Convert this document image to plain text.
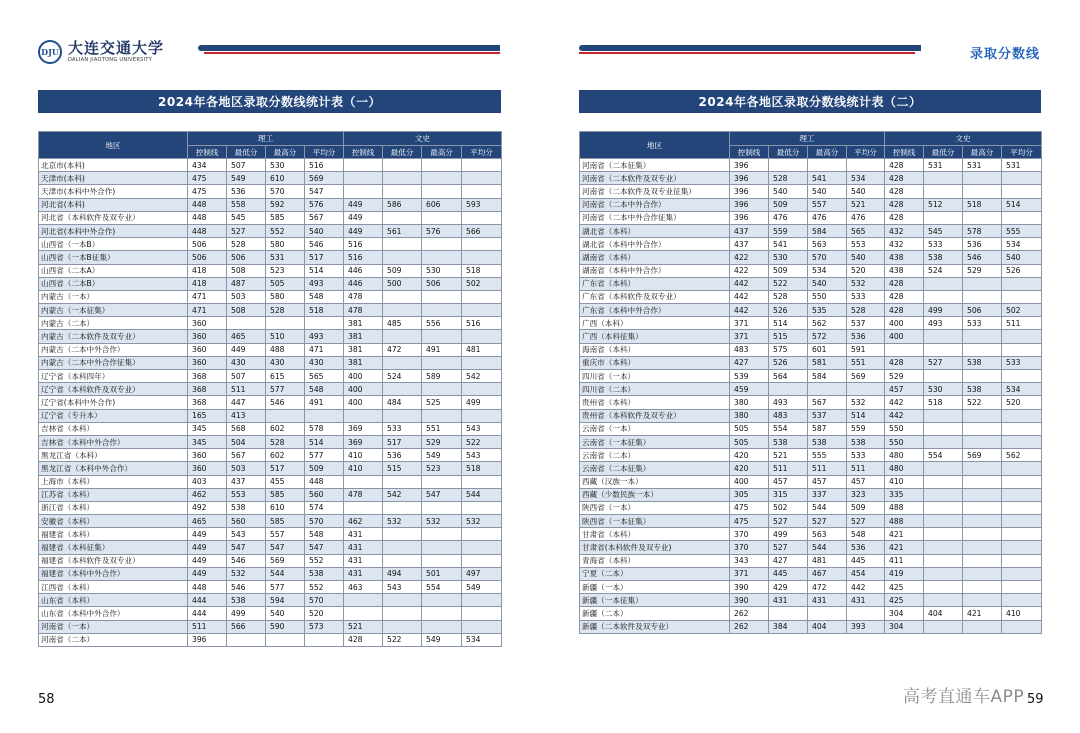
DJU 大连交通大学
DALIAN JIAOTONG UNIVERSITY
2024年各地区录取分数线统计表（一）
地区	理工				文史			
	控制线	最低分	最高分	平均分	控制线	最低分	最高分	平均分
北京市(本科)	434	507	530	516				
天津市(本科)	475	549	610	569				
天津市(本科中外合作)	475	536	570	547				
河北省(本科)	448	558	592	576	449	586	606	593
河北省（本科软件及双专业）	448	545	585	567	449			
河北省(本科中外合作)	448	527	552	540	449	561	576	566
山西省（一本B）	506	528	580	546	516			
山西省（一本B征集）	506	506	531	517	516			
山西省（二本A）	418	508	523	514	446	509	530	518
山西省（二本B）	418	487	505	493	446	500	506	502
内蒙古（一本）	471	503	580	548	478			
内蒙古（一本征集）	471	508	528	518	478			
内蒙古（二本）	360				381	485	556	516
内蒙古（二本软件及双专业）	360	465	510	493	381			
内蒙古（二本中外合作）	360	449	488	471	381	472	491	481
内蒙古（二本中外合作征集）	360	430	430	430	381			
辽宁省（本科四年）	368	507	615	565	400	524	589	542
辽宁省（本科软件及双专业）	368	511	577	548	400			
辽宁省(本科中外合作)	368	447	546	491	400	484	525	499
辽宁省（专升本）	165	413						
吉林省（本科）	345	568	602	578	369	533	551	543
吉林省（本科中外合作）	345	504	528	514	369	517	529	522
黑龙江省（本科）	360	567	602	577	410	536	549	543
黑龙江省（本科中外合作）	360	503	517	509	410	515	523	518
上海市（本科）	403	437	455	448				
江苏省（本科）	462	553	585	560	478	542	547	544
浙江省（本科）	492	538	610	574				
安徽省（本科）	465	560	585	570	462	532	532	532
福建省（本科）	449	543	557	548	431			
福建省（本科征集）	449	547	547	547	431			
福建省（本科软件及双专业）	449	546	569	552	431			
福建省（本科中外合作）	449	532	544	538	431	494	501	497
江西省（本科）	448	546	577	552	463	543	554	549
山东省（本科）	444	538	594	570				
山东省（本科中外合作）	444	499	540	520				
河南省（一本）	511	566	590	573	521			
河南省（二本）	396				428	522	549	534
58
录取分数线
2024年各地区录取分数线统计表（二）
地区	理工				文史			
	控制线	最低分	最高分	平均分	控制线	最低分	最高分	平均分
河南省（二本征集）	396				428	531	531	531
河南省（二本软件及双专业）	396	528	541	534	428			
河南省（二本软件及双专业征集）	396	540	540	540	428			
河南省（二本中外合作）	396	509	557	521	428	512	518	514
河南省（二本中外合作征集）	396	476	476	476	428			
湖北省（本科）	437	559	584	565	432	545	578	555
湖北省（本科中外合作）	437	541	563	553	432	533	536	534
湖南省（本科）	422	530	570	540	438	538	546	540
湖南省（本科中外合作）	422	509	534	520	438	524	529	526
广东省（本科）	442	522	540	532	428			
广东省（本科软件及双专业）	442	528	550	533	428			
广东省（本科中外合作）	442	526	535	528	428	499	506	502
广西（本科）	371	514	562	537	400	493	533	511
广西（本科征集）	371	515	572	536	400			
海南省（本科）	483	575	601	591				
重庆市（本科）	427	526	581	551	428	527	538	533
四川省（一本）	539	564	584	569	529			
四川省（二本）	459				457	530	538	534
贵州省（本科）	380	493	567	532	442	518	522	520
贵州省（本科软件及双专业）	380	483	537	514	442			
云南省（一本）	505	554	587	559	550			
云南省（一本征集）	505	538	538	538	550			
云南省（二本）	420	521	555	533	480	554	569	562
云南省（二本征集）	420	511	511	511	480			
西藏（汉族一本）	400	457	457	457	410			
西藏（少数民族一本）	305	315	337	323	335			
陕西省（一本）	475	502	544	509	488			
陕西省（一本征集）	475	527	527	527	488			
甘肃省（本科）	370	499	563	548	421			
甘肃省(本科软件及双专业)	370	527	544	536	421			
青海省（本科）	343	427	481	445	411			
宁夏（二本）	371	445	467	454	419			
新疆（一本）	390	429	472	442	425			
新疆（一本征集）	390	431	431	431	425			
新疆（二本）	262				304	404	421	410
新疆（二本软件及双专业）	262	384	404	393	304			
59
高考直通车APP
